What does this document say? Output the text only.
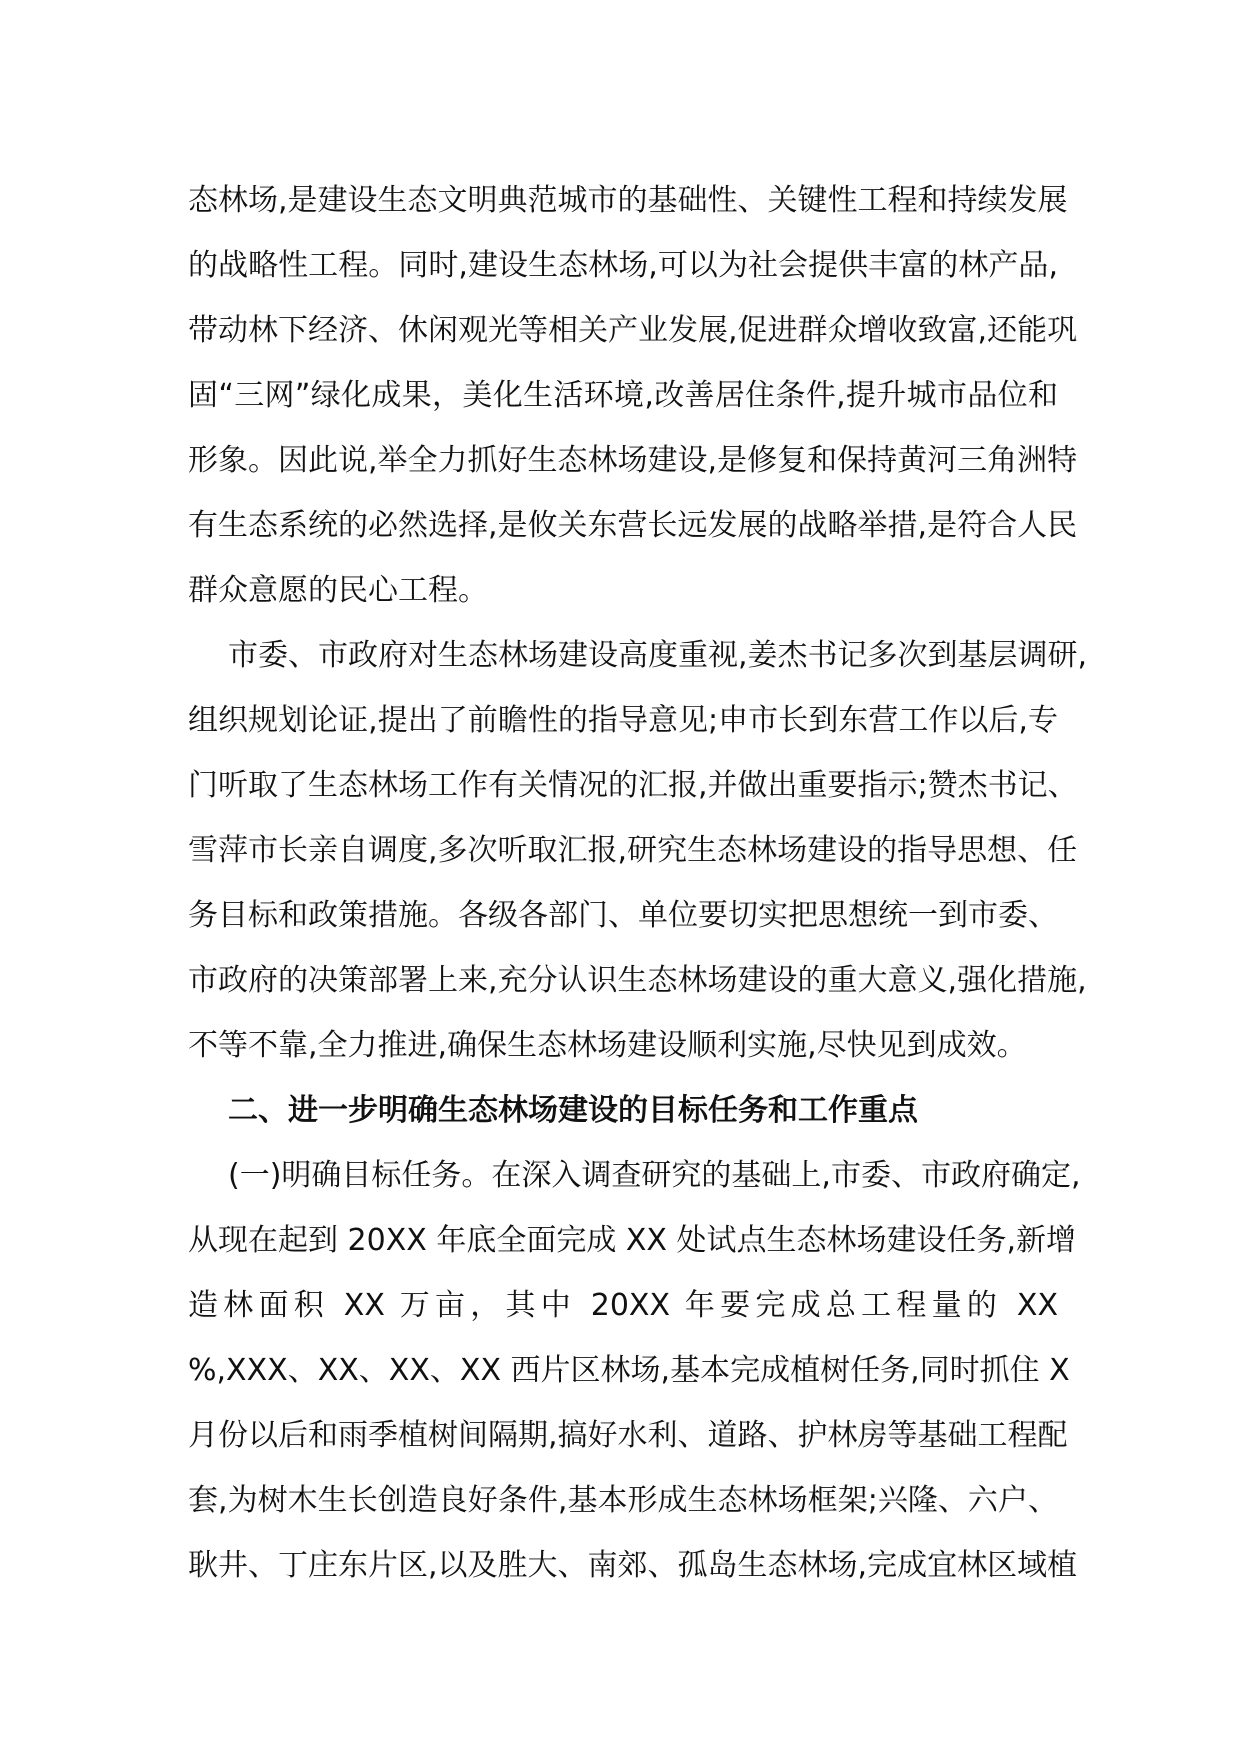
态林场,是建设生态文明典范城市的基础性、关键性工程和持续发展
的战略性工程。同时,建设生态林场,可以为社会提供丰富的林产品,
带动林下经济、休闲观光等相关产业发展,促进群众增收致富,还能巩
固“三网”绿化成果，美化生活环境,改善居住条件,提升城市品位和
形象。因此说,举全力抓好生态林场建设,是修复和保持黄河三角洲特
有生态系统的必然选择,是攸关东营长远发展的战略举措,是符合人民
群众意愿的民心工程。
市委、市政府对生态林场建设高度重视,姜杰书记多次到基层调研,
组织规划论证,提出了前瞻性的指导意见;申市长到东营工作以后,专
门听取了生态林场工作有关情况的汇报,并做出重要指示;赞杰书记、
雪萍市长亲自调度,多次听取汇报,研究生态林场建设的指导思想、任
务目标和政策措施。各级各部门、单位要切实把思想统一到市委、
市政府的决策部署上来,充分认识生态林场建设的重大意义,强化措施,
不等不靠,全力推进,确保生态林场建设顺利实施,尽快见到成效。
二、进一步明确生态林场建设的目标任务和工作重点
(一)明确目标任务。在深入调查研究的基础上,市委、市政府确定,
从现在起到 20XX 年底全面完成 XX 处试点生态林场建设任务,新增
造林面积 XX 万亩，其中 20XX 年要完成总工程量的 XX
%,XXX、XX、XX、XX 西片区林场,基本完成植树任务,同时抓住 X
月份以后和雨季植树间隔期,搞好水利、道路、护林房等基础工程配
套,为树木生长创造良好条件,基本形成生态林场框架;兴隆、六户、
耿井、丁庄东片区,以及胜大、南郊、孤岛生态林场,完成宜林区域植
